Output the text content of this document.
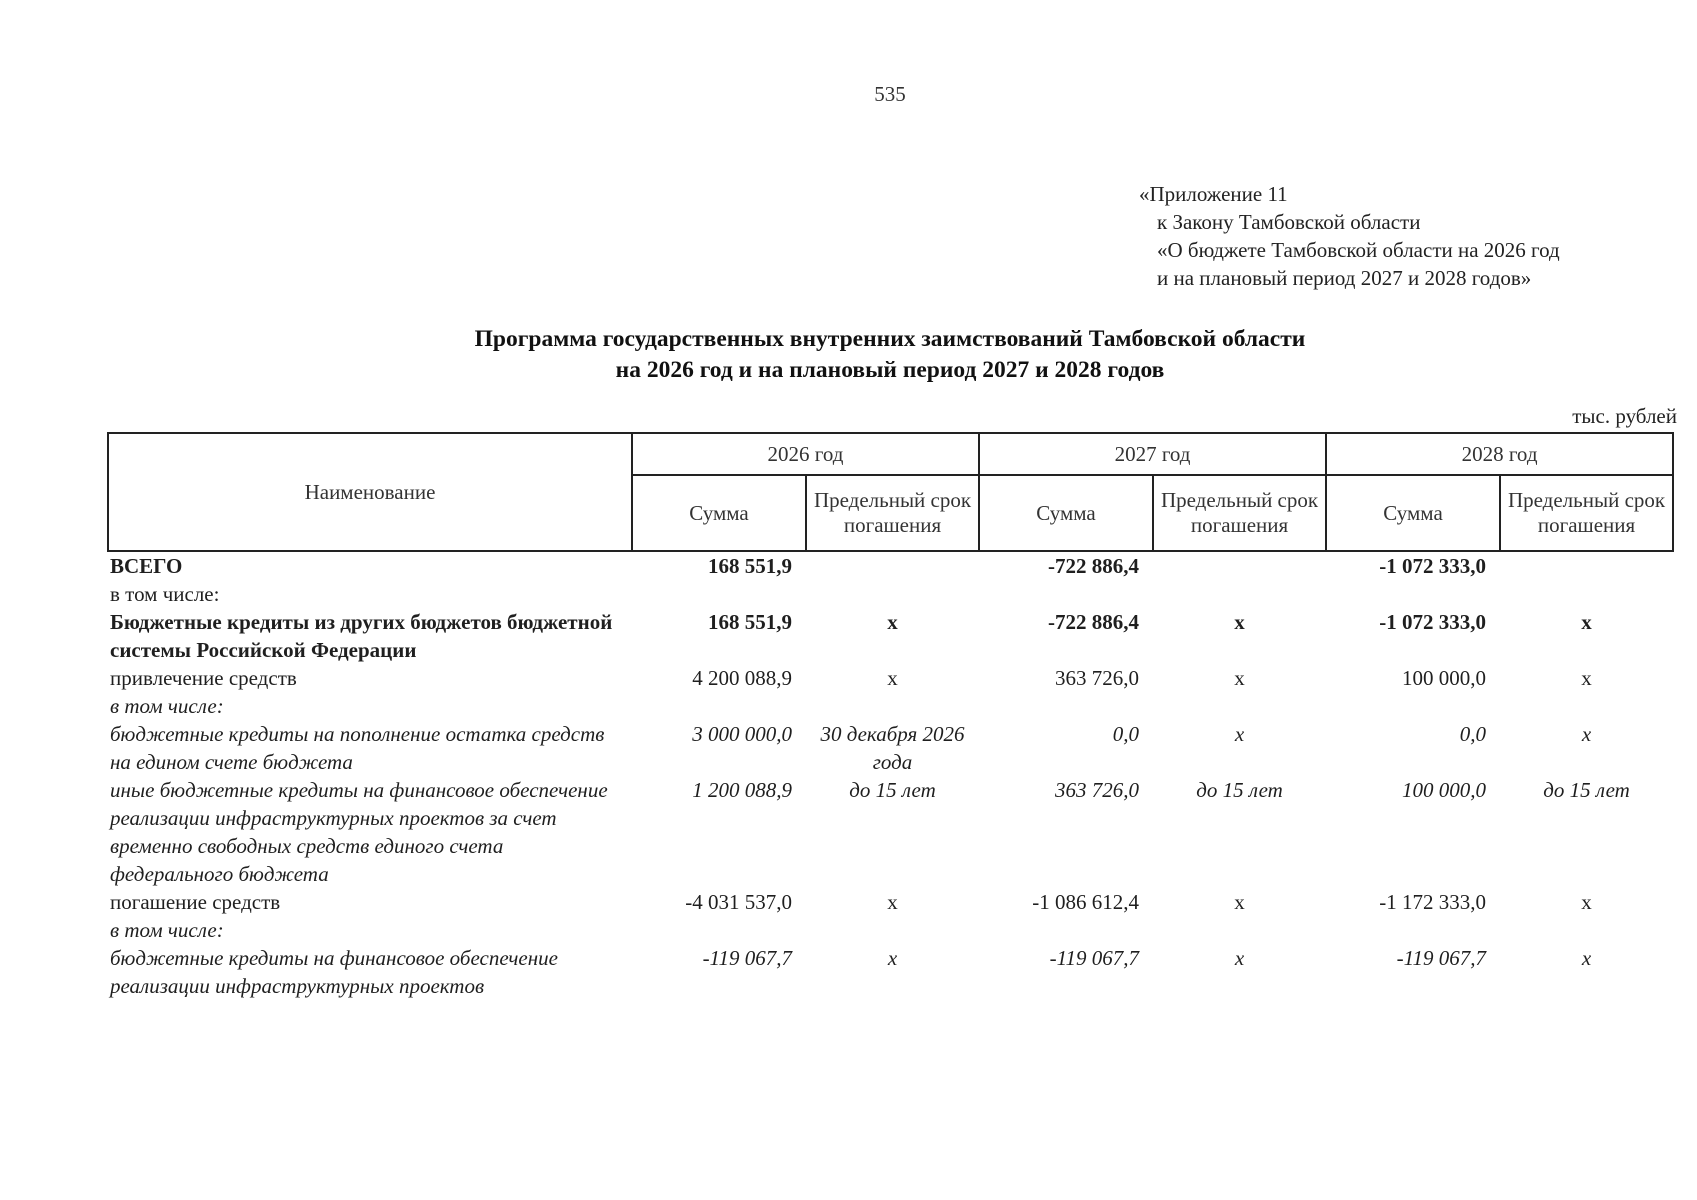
535
«Приложение 11
к Закону Тамбовской области
«О бюджете Тамбовской области на 2026 год
и на плановый период 2027 и 2028 годов»
Программа государственных внутренних заимствований Тамбовской области
на 2026 год и на плановый период 2027 и 2028 годов
тыс. рублей
Наименование	2026 год		2027 год		2028 год	
	Сумма	Предельный срок погашения	Сумма	Предельный срок погашения	Сумма	Предельный срок погашения
ВСЕГО	168 551,9		-722 886,4		-1 072 333,0	
в том числе:						
Бюджетные кредиты из других бюджетов бюджетной системы Российской Федерации	168 551,9	х	-722 886,4	х	-1 072 333,0	х
привлечение средств	4 200 088,9	х	363 726,0	х	100 000,0	х
в том числе:						
бюджетные кредиты на пополнение остатка средств на едином счете бюджета	3 000 000,0	30 декабря 2026 года	0,0	х	0,0	х
иные бюджетные кредиты на финансовое обеспечение реализации инфраструктурных проектов за счет временно свободных средств единого счета федерального бюджета	1 200 088,9	до 15 лет	363 726,0	до 15 лет	100 000,0	до 15 лет
погашение средств	-4 031 537,0	х	-1 086 612,4	х	-1 172 333,0	х
в том числе:						
бюджетные кредиты на финансовое обеспечение реализации инфраструктурных проектов	-119 067,7	х	-119 067,7	х	-119 067,7	х
